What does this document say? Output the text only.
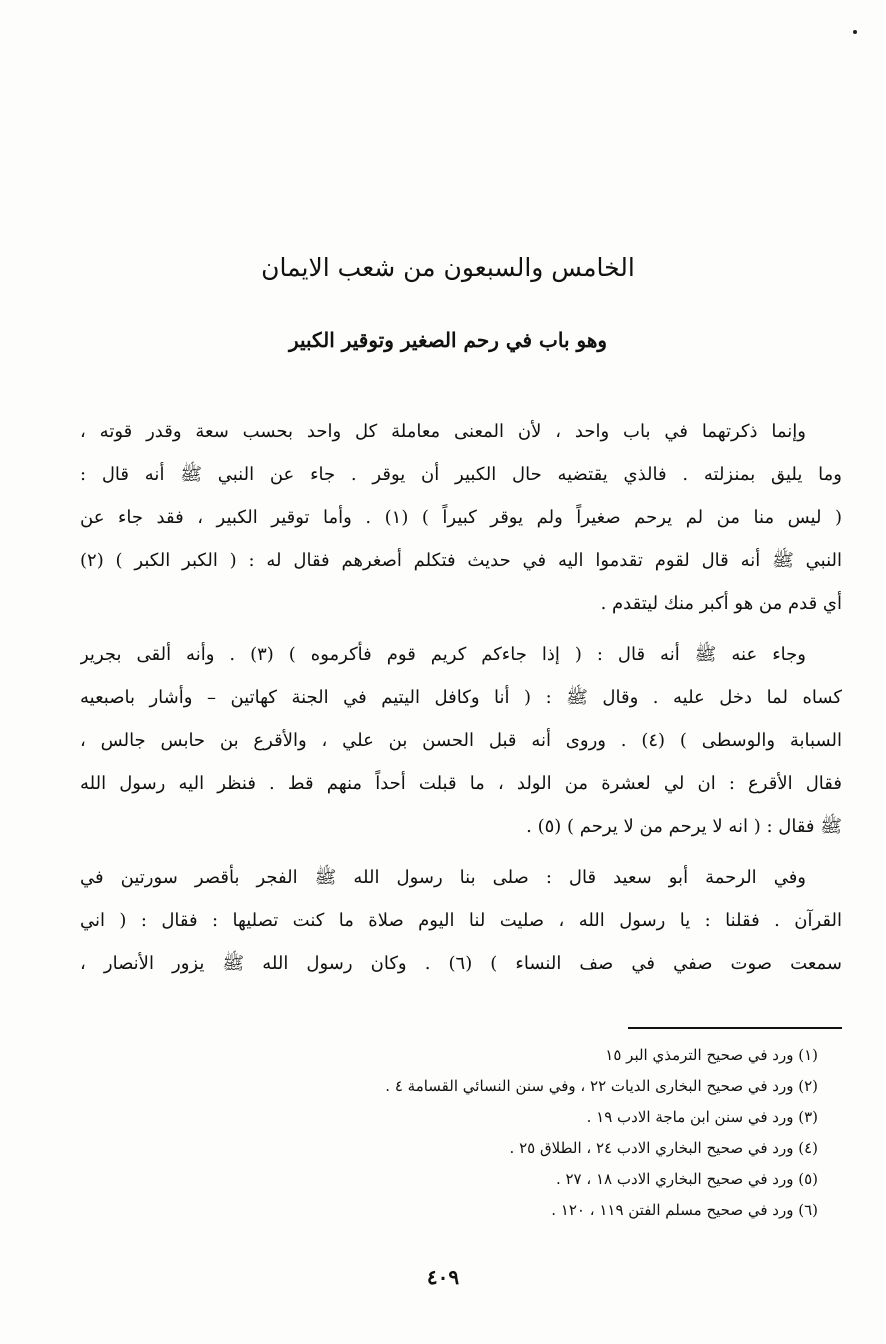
الخامس والسبعون من شعب الايمان
وهو باب في رحم الصغير وتوقير الكبير
وإنما ذكرتهما في باب واحد ، لأن المعنى معاملة كل واحد بحسب سعة وقدر قوته ،
وما يليق بمنزلته . فالذي يقتضيه حال الكبير أن يوقر . جاء عن النبي ﷺ أنه قال :
( ليس منا من لم يرحم صغيراً ولم يوقر كبيراً ) (١) . وأما توقير الكبير ، فقد جاء عن
النبي ﷺ أنه قال لقوم تقدموا اليه في حديث فتكلم أصغرهم فقال له : ( الكبر الكبر ) (٢)
أي قدم من هو أكبر منك ليتقدم .
وجاء عنه ﷺ أنه قال : ( إذا جاءكم كريم قوم فأكرموه ) (٣) . وأنه ألقى بجرير
كساه لما دخل عليه . وقال ﷺ : ( أنا وكافل اليتيم في الجنة كهاتين – وأشار باصبعيه
السبابة والوسطى ) (٤) . وروى أنه قبل الحسن بن علي ، والأقرع بن حابس جالس ،
فقال الأقرع : ان لي لعشرة من الولد ، ما قبلت أحداً منهم قط . فنظر اليه رسول الله
ﷺ فقال : ( انه لا يرحم من لا يرحم ) (٥) .
وفي الرحمة أبو سعيد قال : صلى بنا رسول الله ﷺ الفجر بأقصر سورتين في
القرآن . فقلنا : يا رسول الله ، صليت لنا اليوم صلاة ما كنت تصليها : فقال : ( اني
سمعت صوت صفي في صف النساء ) (٦) . وكان رسول الله ﷺ يزور الأنصار ،
(١) ورد في صحيح الترمذي البر ١٥
(٢) ورد في صحيح البخارى الديات ٢٢ ، وفي سنن النسائي القسامة ٤ .
(٣) ورد في سنن ابن ماجة الادب ١٩ .
(٤) ورد في صحيح البخاري الادب ٢٤ ، الطلاق ٢٥ .
(٥) ورد في صحيح البخاري الادب ١٨ ، ٢٧ .
(٦) ورد في صحيح مسلم الفتن ١١٩ ، ١٢٠ .
٤٠٩
